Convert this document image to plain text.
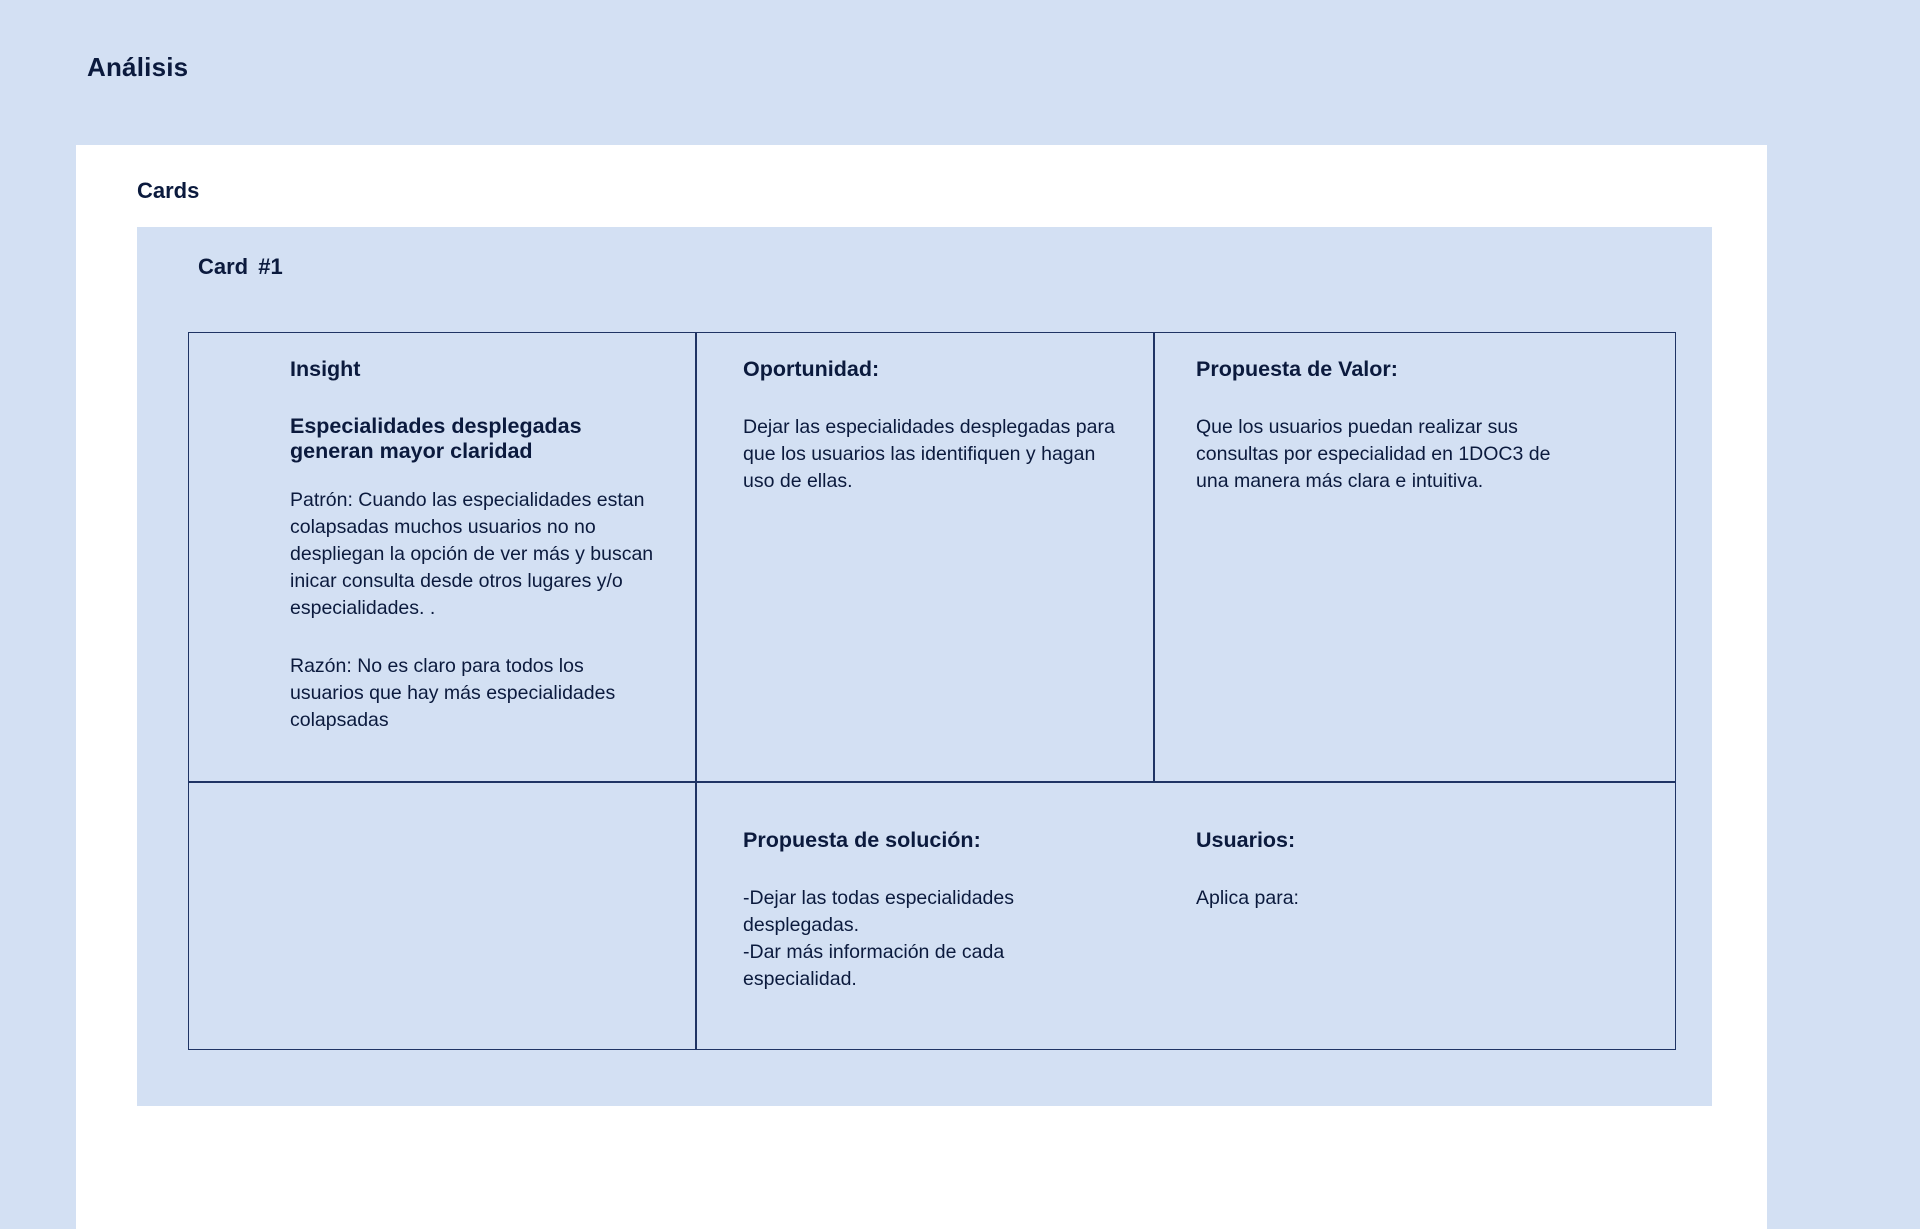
Análisis
Cards
Card #1
Insight
Especialidades desplegadas generan mayor claridad
Patrón: Cuando las especialidades estan colapsadas muchos usuarios no no despliegan la opción de ver más y buscan inicar consulta desde otros lugares y/o especialidades. .
Razón: No es claro para todos los usuarios que hay más especialidades colapsadas
Oportunidad:
Dejar las especialidades desplegadas para que los usuarios las identifiquen y hagan uso de ellas.
Propuesta de Valor:
Que los usuarios puedan realizar sus consultas por especialidad en 1DOC3 de una manera más clara e intuitiva.
Propuesta de solución:
-Dejar las todas especialidades desplegadas.
-Dar más información de cada especialidad.
Usuarios:
Aplica para:
